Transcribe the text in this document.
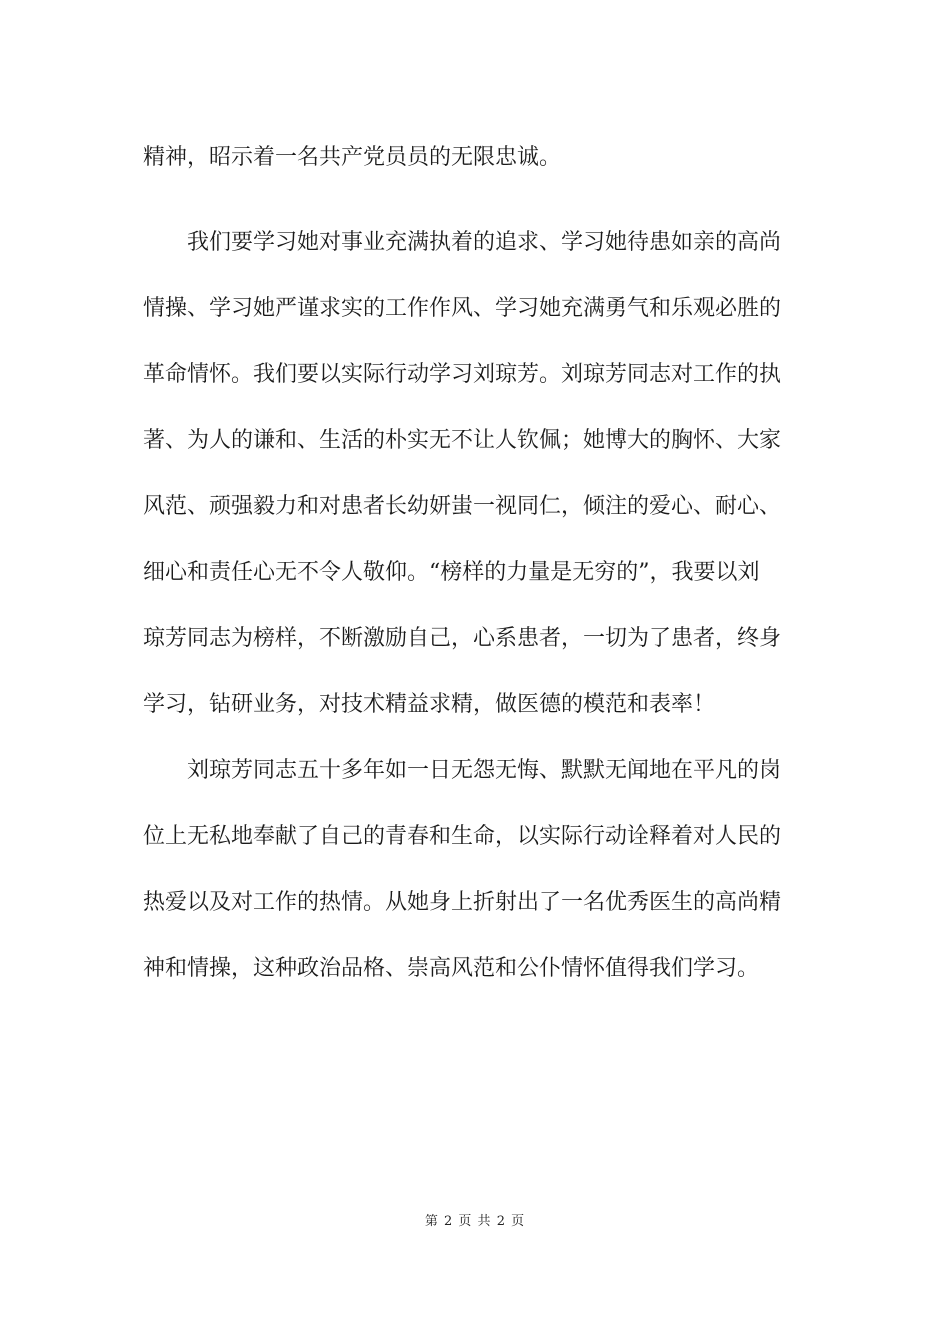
精神，昭示着一名共产党员员的无限忠诚。
我们要学习她对事业充满执着的追求、学习她待患如亲的高尚
情操、学习她严谨求实的工作作风、学习她充满勇气和乐观必胜的
革命情怀。我们要以实际行动学习刘琼芳。刘琼芳同志对工作的执
著、为人的谦和、生活的朴实无不让人钦佩；她博大的胸怀、大家
风范、顽强毅力和对患者长幼妍蚩一视同仁，倾注的爱心、耐心、
细心和责任心无不令人敬仰。“榜样的力量是无穷的”，我要以刘
琼芳同志为榜样，不断激励自己，心系患者，一切为了患者，终身
学习，钻研业务，对技术精益求精，做医德的模范和表率！
刘琼芳同志五十多年如一日无怨无悔、默默无闻地在平凡的岗
位上无私地奉献了自己的青春和生命，以实际行动诠释着对人民的
热爱以及对工作的热情。从她身上折射出了一名优秀医生的高尚精
神和情操，这种政治品格、崇高风范和公仆情怀值得我们学习。
第 2 页 共 2 页
